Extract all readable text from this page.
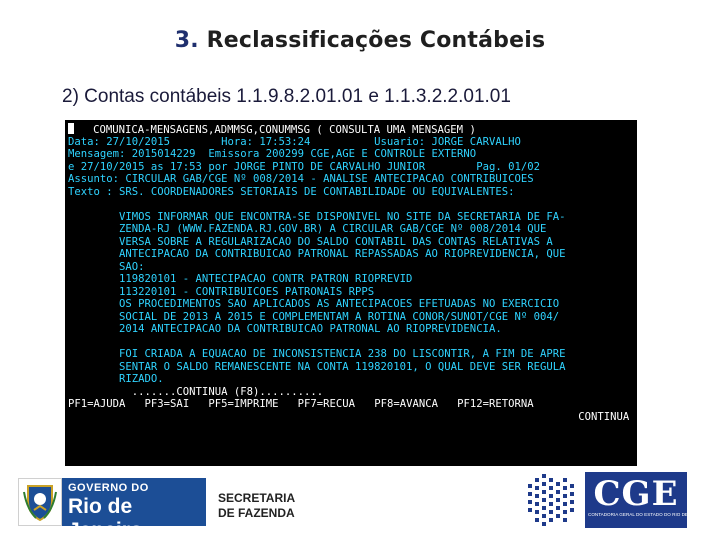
3. Reclassificações Contábeis
2) Contas contábeis 1.1.9.8.2.01.01 e 1.1.3.2.2.01.01
COMUNICA-MENSAGENS,ADMMSG,CONUMMSG ( CONSULTA UMA MENSAGEM )
Data: 27/10/2015        Hora: 17:53:24          Usuario: JORGE CARVALHO
Mensagem: 2015014229  Emissora 200299 CGE,AGE E CONTROLE EXTERNO
e 27/10/2015 as 17:53 por JORGE PINTO DE CARVALHO JUNIOR        Pag. 01/02
Assunto: CIRCULAR GAB/CGE Nº 008/2014 - ANALISE ANTECIPACAO CONTRIBUICOES
Texto : SRS. COORDENADORES SETORIAIS DE CONTABILIDADE OU EQUIVALENTES:

VIMOS INFORMAR QUE ENCONTRA-SE DISPONIVEL NO SITE DA SECRETARIA DE FA-
ZENDA-RJ (WWW.FAZENDA.RJ.GOV.BR) A CIRCULAR GAB/CGE Nº 008/2014 QUE
VERSA SOBRE A REGULARIZACAO DO SALDO CONTABIL DAS CONTAS RELATIVAS A
ANTECIPACAO DA CONTRIBUICAO PATRONAL REPASSADAS AO RIOPREVIDENCIA, QUE
SAO:
119820101 - ANTECIPACAO CONTR PATRON RIOPREVID
113220101 - CONTRIBUICOES PATRONAIS RPPS
OS PROCEDIMENTOS SAO APLICADOS AS ANTECIPACOES EFETUADAS NO EXERCICIO
SOCIAL DE 2013 A 2015 E COMPLEMENTAM A ROTINA CONOR/SUNOT/CGE Nº 004/
2014 ANTECIPACAO DA CONTRIBUICAO PATRONAL AO RIOPREVIDENCIA.
FOI CRIADA A EQUACAO DE INCONSISTENCIA 238 DO LISCONTIR, A FIM DE APRE
SENTAR O SALDO REMANESCENTE NA CONTA 119820101, O QUAL DEVE SER REGULA
RIZADO.
.......CONTINUA (F8)..........
PF1=AJUDA PF3=SAI PF5=IMPRIME PF7=RECUA PF8=AVANCA PF12=RETORNA
CONTINUA
GOVERNO DO
Rio de Janeiro
SECRETARIA
DE FAZENDA	CGE
CONTADORIA GERAL DO ESTADO DO RIO DE JANEIRO
